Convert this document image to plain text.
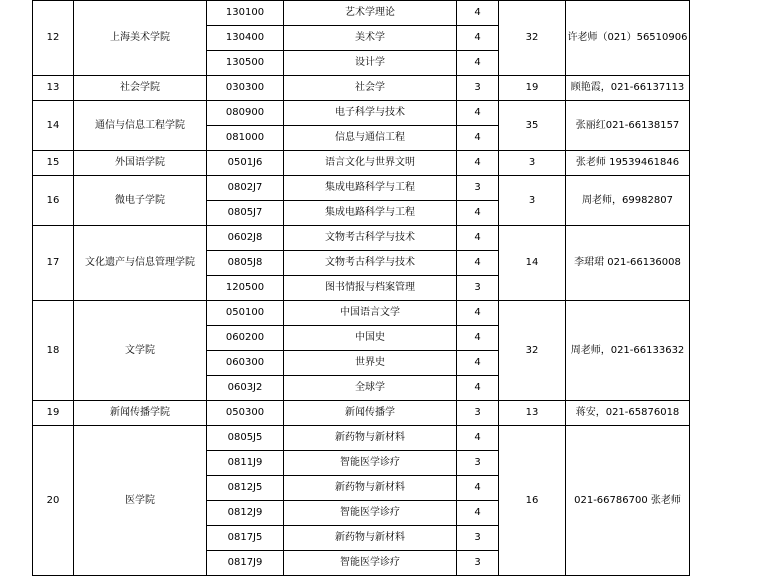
12	上海美术学院	130100	艺术学理论	4	32	许老师（021）56510906
		130400	美术学	4		
		130500	设计学	4		
13	社会学院	030300	社会学	3	19	顾艳霞，021-66137113
14	通信与信息工程学院	080900	电子科学与技术	4	35	张丽红021-66138157
		081000	信息与通信工程	4		
15	外国语学院	0501J6	语言文化与世界文明	4	3	张老师 19539461846
16	微电子学院	0802J7	集成电路科学与工程	3	3	周老师，69982807
		0805J7	集成电路科学与工程	4		
17	文化遗产与信息管理学院	0602J8	文物考古科学与技术	4	14	李珺珺 021-66136008
		0805J8	文物考古科学与技术	4		
		120500	图书情报与档案管理	3		
18	文学院	050100	中国语言文学	4	32	周老师，021-66133632
		060200	中国史	4		
		060300	世界史	4		
		0603J2	全球学	4		
19	新闻传播学院	050300	新闻传播学	3	13	蒋安，021-65876018
20	医学院	0805J5	新药物与新材料	4	16	021-66786700 张老师
		0811J9	智能医学诊疗	3		
		0812J5	新药物与新材料	4		
		0812J9	智能医学诊疗	4		
		0817J5	新药物与新材料	3		
		0817J9	智能医学诊疗	3		
